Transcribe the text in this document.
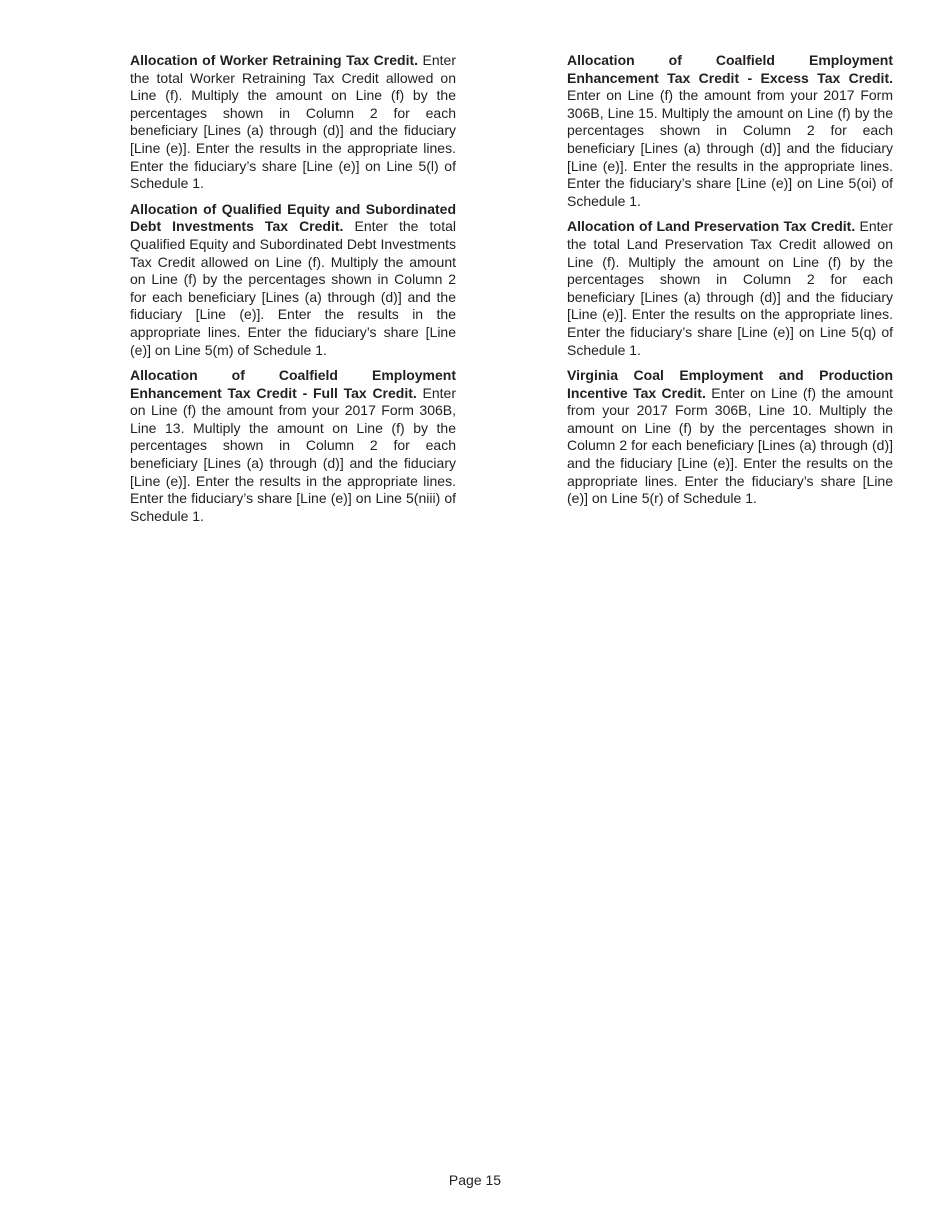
Allocation of Worker Retraining Tax Credit. Enter the total Worker Retraining Tax Credit allowed on Line (f). Multiply the amount on Line (f) by the percentages shown in Column 2 for each beneficiary [Lines (a) through (d)] and the fiduciary [Line (e)]. Enter the results in the appropriate lines. Enter the fiduciary’s share [Line (e)] on Line 5(l) of Schedule 1.

Allocation of Qualified Equity and Subordinated Debt Investments Tax Credit. Enter the total Qualified Equity and Subordinated Debt Investments Tax Credit allowed on Line (f). Multiply the amount on Line (f) by the percentages shown in Column 2 for each beneficiary [Lines (a) through (d)] and the fiduciary [Line (e)]. Enter the results in the appropriate lines. Enter the fiduciary’s share [Line (e)] on Line 5(m) of Schedule 1.

Allocation of Coalfield Employment Enhancement Tax Credit - Full Tax Credit. Enter on Line (f) the amount from your 2017 Form 306B, Line 13. Multiply the amount on Line (f) by the percentages shown in Column 2 for each beneficiary [Lines (a) through (d)] and the fiduciary [Line (e)]. Enter the results in the appropriate lines. Enter the fiduciary’s share [Line (e)] on Line 5(niii) of Schedule 1.

Allocation of Coalfield Employment Enhancement Tax Credit - Excess Tax Credit. Enter on Line (f) the amount from your 2017 Form 306B, Line 15. Multiply the amount on Line (f) by the percentages shown in Column 2 for each beneficiary [Lines (a) through (d)] and the fiduciary [Line (e)]. Enter the results in the appropriate lines. Enter the fiduciary’s share [Line (e)] on Line 5(oi) of Schedule 1.

Allocation of Land Preservation Tax Credit. Enter the total Land Preservation Tax Credit allowed on Line (f). Multiply the amount on Line (f) by the percentages shown in Column 2 for each beneficiary [Lines (a) through (d)] and the fiduciary [Line (e)]. Enter the results on the appropriate lines. Enter the fiduciary’s share [Line (e)] on Line 5(q) of Schedule 1.

Virginia Coal Employment and Production Incentive Tax Credit. Enter on Line (f) the amount from your 2017 Form 306B, Line 10. Multiply the amount on Line (f) by the percentages shown in Column 2 for each beneficiary [Lines (a) through (d)] and the fiduciary [Line (e)]. Enter the results on the appropriate lines. Enter the fiduciary’s share [Line (e)] on Line 5(r) of Schedule 1.

Page 15
